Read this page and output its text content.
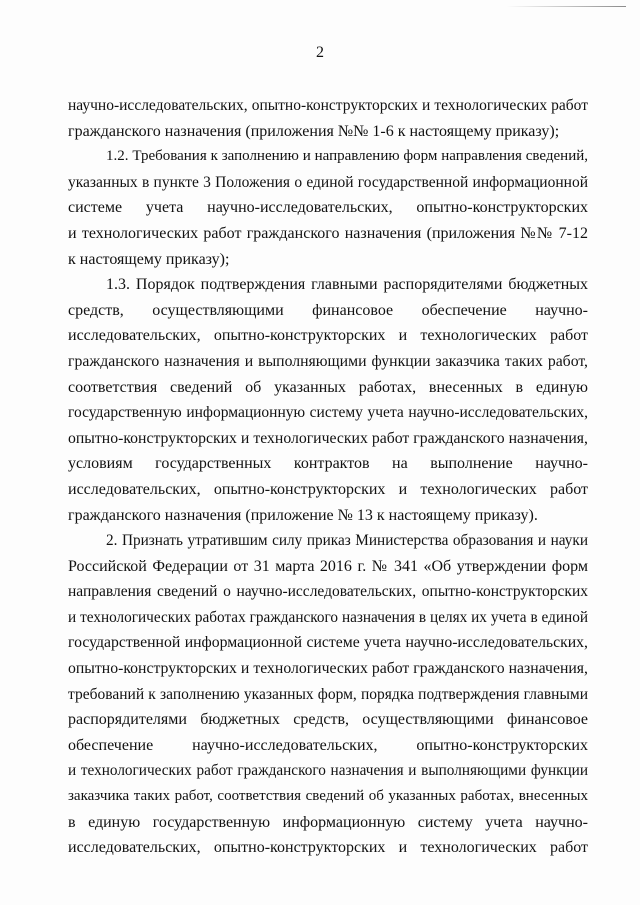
2
научно-исследовательских, опытно-конструкторских и технологических работ
гражданского назначения (приложения №№ 1-6 к настоящему приказу);
1.2. Требования к заполнению и направлению форм направления сведений,
указанных в пункте 3 Положения о единой государственной информационной
системе учета научно-исследовательских, опытно-конструкторских
и технологических работ гражданского назначения (приложения №№ 7-12
к настоящему приказу);
1.3. Порядок подтверждения главными распорядителями бюджетных
средств, осуществляющими финансовое обеспечение научно-
исследовательских, опытно-конструкторских и технологических работ
гражданского назначения и выполняющими функции заказчика таких работ,
соответствия сведений об указанных работах, внесенных в единую
государственную информационную систему учета научно-исследовательских,
опытно-конструкторских и технологических работ гражданского назначения,
условиям государственных контрактов на выполнение научно-
исследовательских, опытно-конструкторских и технологических работ
гражданского назначения (приложение № 13 к настоящему приказу).
2. Признать утратившим силу приказ Министерства образования и науки
Российской Федерации от 31 марта 2016 г. № 341 «Об утверждении форм
направления сведений о научно-исследовательских, опытно-конструкторских
и технологических работах гражданского назначения в целях их учета в единой
государственной информационной системе учета научно-исследовательских,
опытно-конструкторских и технологических работ гражданского назначения,
требований к заполнению указанных форм, порядка подтверждения главными
распорядителями бюджетных средств, осуществляющими финансовое
обеспечение научно-исследовательских, опытно-конструкторских
и технологических работ гражданского назначения и выполняющими функции
заказчика таких работ, соответствия сведений об указанных работах, внесенных
в единую государственную информационную систему учета научно-
исследовательских, опытно-конструкторских и технологических работ
